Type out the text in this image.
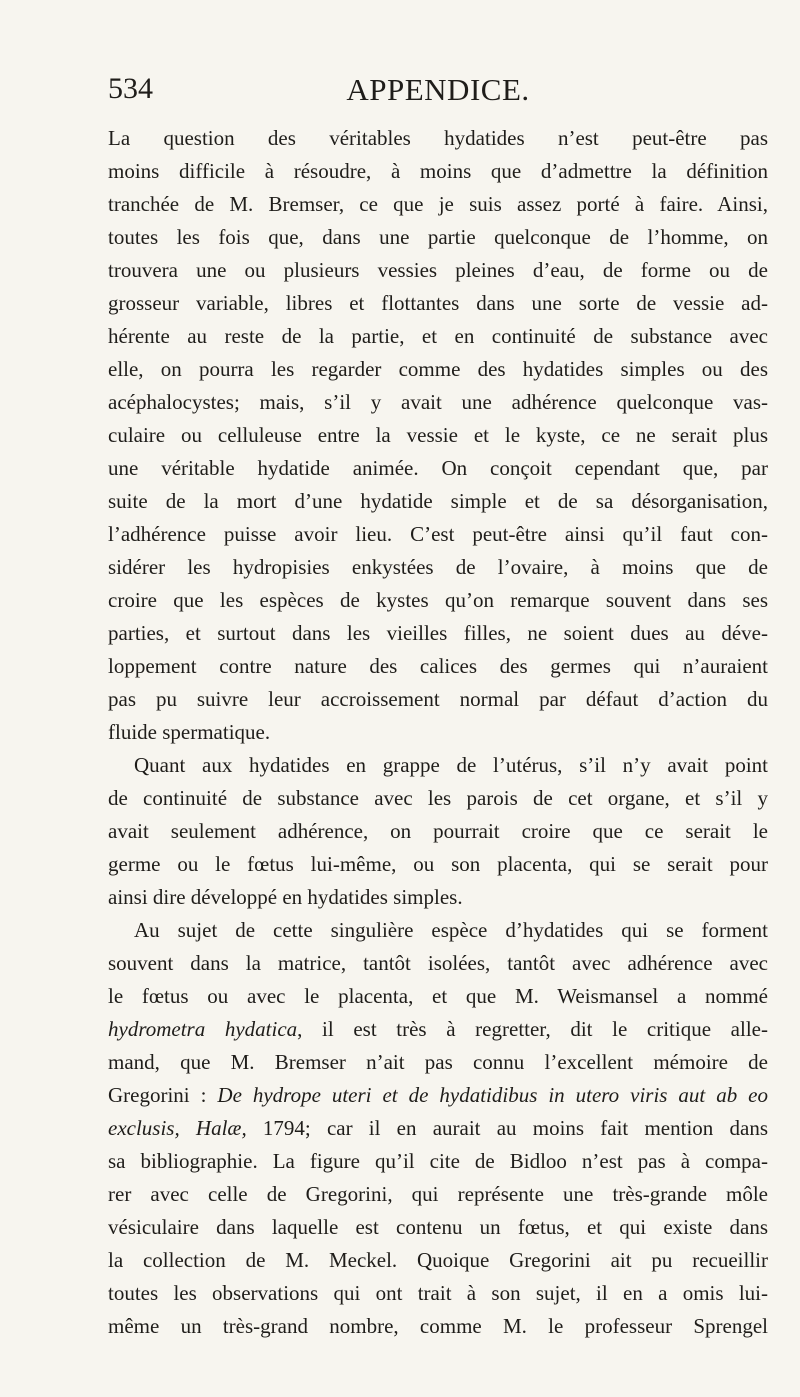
534	APPENDICE.
La question des véritables hydatides n’est peut-être pas
moins difficile à résoudre, à moins que d’admettre la définition
tranchée de M. Bremser, ce que je suis assez porté à faire. Ainsi,
toutes les fois que, dans une partie quelconque de l’homme, on
trouvera une ou plusieurs vessies pleines d’eau, de forme ou de
grosseur variable, libres et flottantes dans une sorte de vessie ad-
hérente au reste de la partie, et en continuité de substance avec
elle, on pourra les regarder comme des hydatides simples ou des
acéphalocystes; mais, s’il y avait une adhérence quelconque vas-
culaire ou celluleuse entre la vessie et le kyste, ce ne serait plus
une véritable hydatide animée. On conçoit cependant que, par
suite de la mort d’une hydatide simple et de sa désorganisation,
l’adhérence puisse avoir lieu. C’est peut-être ainsi qu’il faut con-
sidérer les hydropisies enkystées de l’ovaire, à moins que de
croire que les espèces de kystes qu’on remarque souvent dans ses
parties, et surtout dans les vieilles filles, ne soient dues au déve-
loppement contre nature des calices des germes qui n’auraient
pas pu suivre leur accroissement normal par défaut d’action du
fluide spermatique.
Quant aux hydatides en grappe de l’utérus, s’il n’y avait point
de continuité de substance avec les parois de cet organe, et s’il y
avait seulement adhérence, on pourrait croire que ce serait le
germe ou le fœtus lui-même, ou son placenta, qui se serait pour
ainsi dire développé en hydatides simples.
Au sujet de cette singulière espèce d’hydatides qui se forment
souvent dans la matrice, tantôt isolées, tantôt avec adhérence avec
le fœtus ou avec le placenta, et que M. Weismansel a nommé
hydrometra hydatica, il est très à regretter, dit le critique alle-
mand, que M. Bremser n’ait pas connu l’excellent mémoire de
Gregorini : De hydrope uteri et de hydatidibus in utero viris aut ab eo
exclusis, Halæ, 1794; car il en aurait au moins fait mention dans
sa bibliographie. La figure qu’il cite de Bidloo n’est pas à compa-
rer avec celle de Gregorini, qui représente une très-grande môle
vésiculaire dans laquelle est contenu un fœtus, et qui existe dans
la collection de M. Meckel. Quoique Gregorini ait pu recueillir
toutes les observations qui ont trait à son sujet, il en a omis lui-
même un très-grand nombre, comme M. le professeur Sprengel
